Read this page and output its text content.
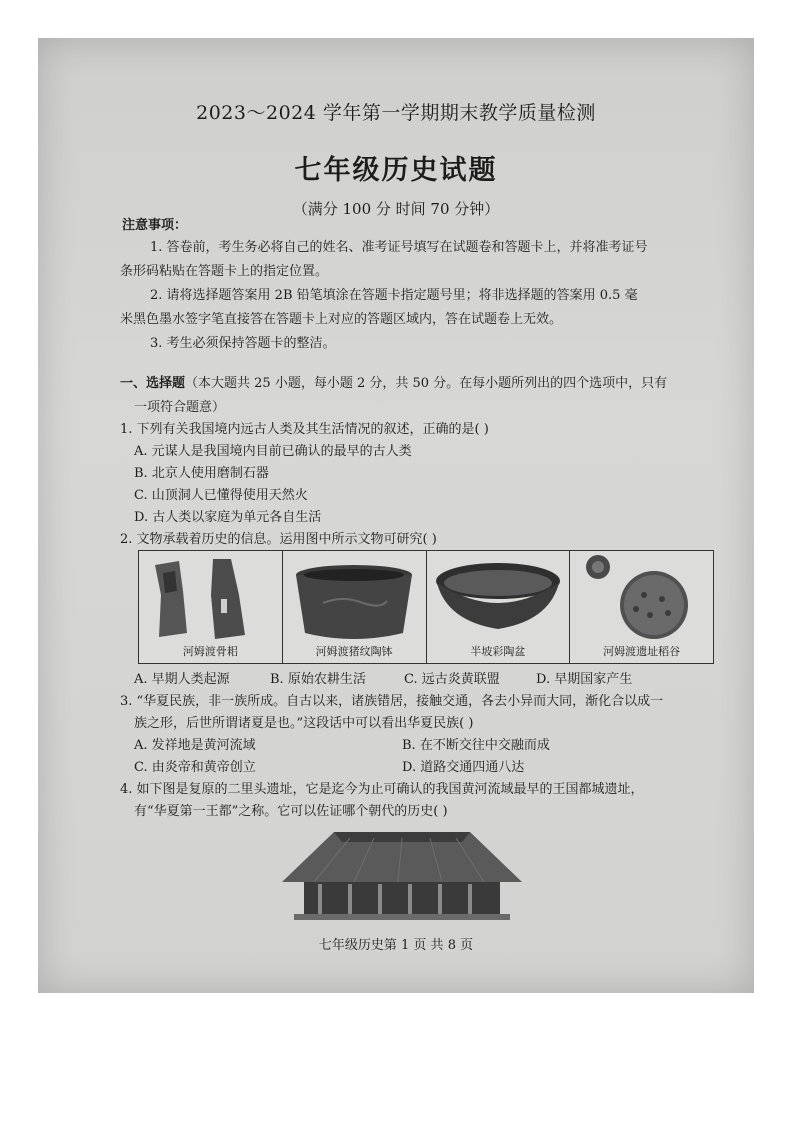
2023～2024 学年第一学期期末教学质量检测
七年级历史试题
（满分 100 分 时间 70 分钟）
注意事项：
1. 答卷前，考生务必将自己的姓名、准考证号填写在试题卷和答题卡上，并将准考证号
条形码粘贴在答题卡上的指定位置。
2. 请将选择题答案用 2B 铅笔填涂在答题卡指定题号里；将非选择题的答案用 0.5 毫
米黑色墨水签字笔直接答在答题卡上对应的答题区域内，答在试题卷上无效。
3. 考生必须保持答题卡的整洁。
一、选择题（本大题共 25 小题，每小题 2 分，共 50 分。在每小题所列出的四个选项中，只有
一项符合题意）
1. 下列有关我国境内远古人类及其生活情况的叙述，正确的是( )
A. 元谋人是我国境内目前已确认的最早的古人类
B. 北京人使用磨制石器
C. 山顶洞人已懂得使用天然火
D. 古人类以家庭为单元各自生活
2. 文物承载着历史的信息。运用图中所示文物可研究( )
河姆渡骨耜	河姆渡猪纹陶钵	半坡彩陶盆	河姆渡遗址稻谷
A. 早期人类起源	B. 原始农耕生活	C. 远古炎黄联盟	D. 早期国家产生
3. “华夏民族，非一族所成。自古以来，诸族错居，接触交通，各去小异而大同，渐化合以成一
族之形，后世所谓诸夏是也。”这段话中可以看出华夏民族( )
A. 发祥地是黄河流域	B. 在不断交往中交融而成
C. 由炎帝和黄帝创立	D. 道路交通四通八达
4. 如下图是复原的二里头遗址，它是迄今为止可确认的我国黄河流域最早的王国都城遗址，
有“华夏第一王都”之称。它可以佐证哪个朝代的历史( )
七年级历史第 1 页 共 8 页
